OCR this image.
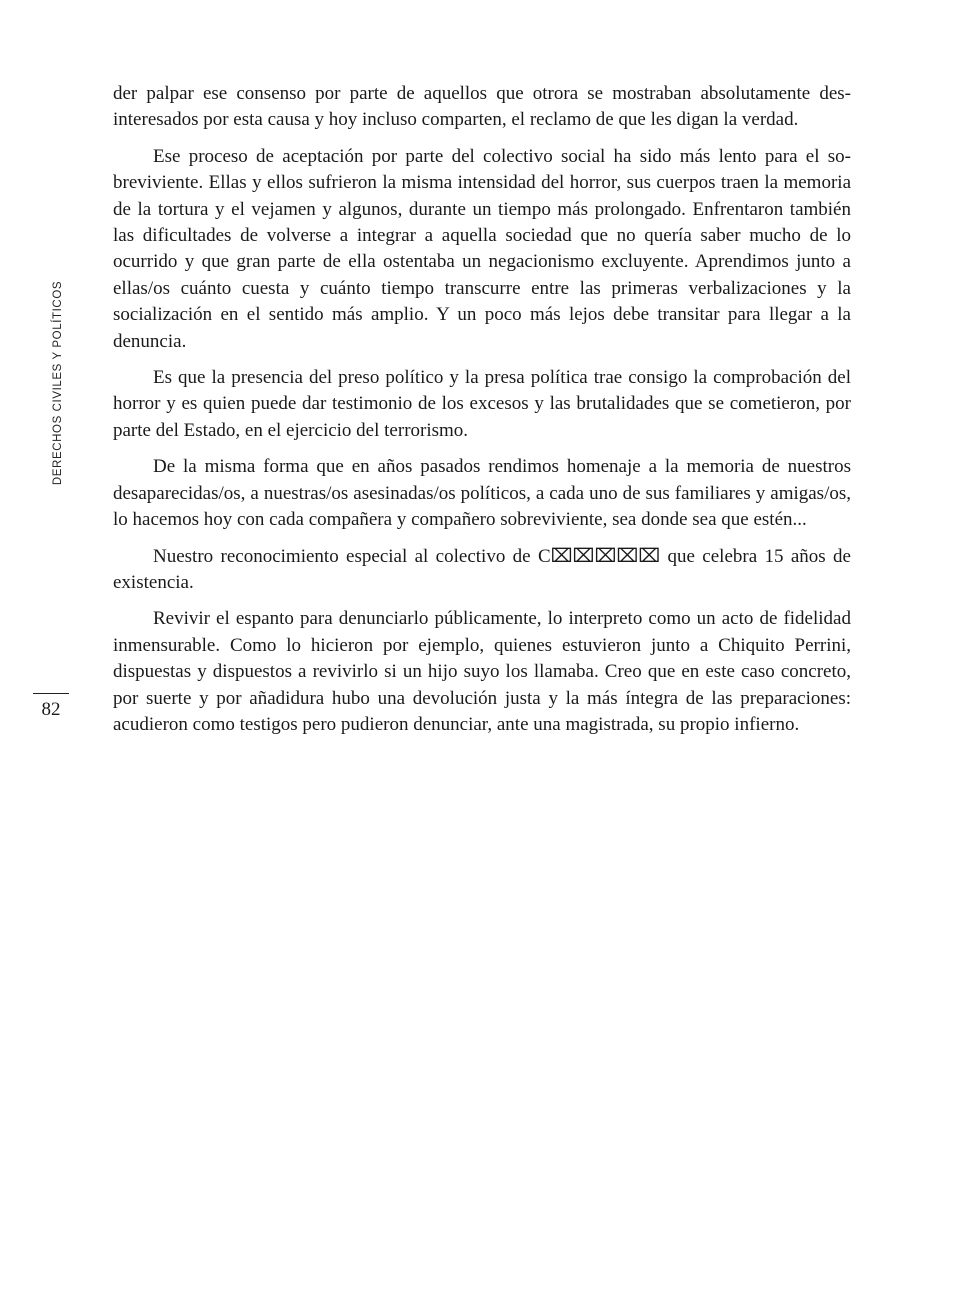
DERECHOS CIVILES Y POLÍTICOS
82

der palpar ese consenso por parte de aquellos que otrora se mostraban absolutamente desinteresados por esta causa y hoy incluso comparten, el reclamo de que les digan la verdad.

Ese proceso de aceptación por parte del colectivo social ha sido más lento para el sobreviviente. Ellas y ellos sufrieron la misma intensidad del horror, sus cuerpos traen la memoria de la tortura y el vejamen y algunos, durante un tiempo más prolongado. Enfrentaron también las dificultades de volverse a integrar a aquella sociedad que no quería saber mucho de lo ocurrido y que gran parte de ella ostentaba un negacionismo excluyente. Aprendimos junto a ellas/os cuánto cuesta y cuánto tiempo transcurre entre las primeras verbalizaciones y la socialización en el sentido más amplio. Y un poco más lejos debe transitar para llegar a la denuncia.

Es que la presencia del preso político y la presa política trae consigo la comprobación del horror y es quien puede dar testimonio de los excesos y las brutalidades que se cometieron, por parte del Estado, en el ejercicio del terrorismo.

De la misma forma que en años pasados rendimos homenaje a la memoria de nuestros desaparecidas/os, a nuestras/os asesinadas/os políticos, a cada uno de sus familiares y amigas/os, lo hacemos hoy con cada compañera y compañero sobreviviente, sea donde sea que estén...

Nuestro reconocimiento especial al colectivo de C⌧⌧⌧⌧⌧ que celebra 15 años de existencia.

Revivir el espanto para denunciarlo públicamente, lo interpreto como un acto de fidelidad inmensurable. Como lo hicieron por ejemplo, quienes estuvieron junto a Chiquito Perrini, dispuestas y dispuestos a revivirlo si un hijo suyo los llamaba. Creo que en este caso concreto, por suerte y por añadidura hubo una devolución justa y la más íntegra de las preparaciones: acudieron como testigos pero pudieron denunciar, ante una magistrada, su propio infierno.
